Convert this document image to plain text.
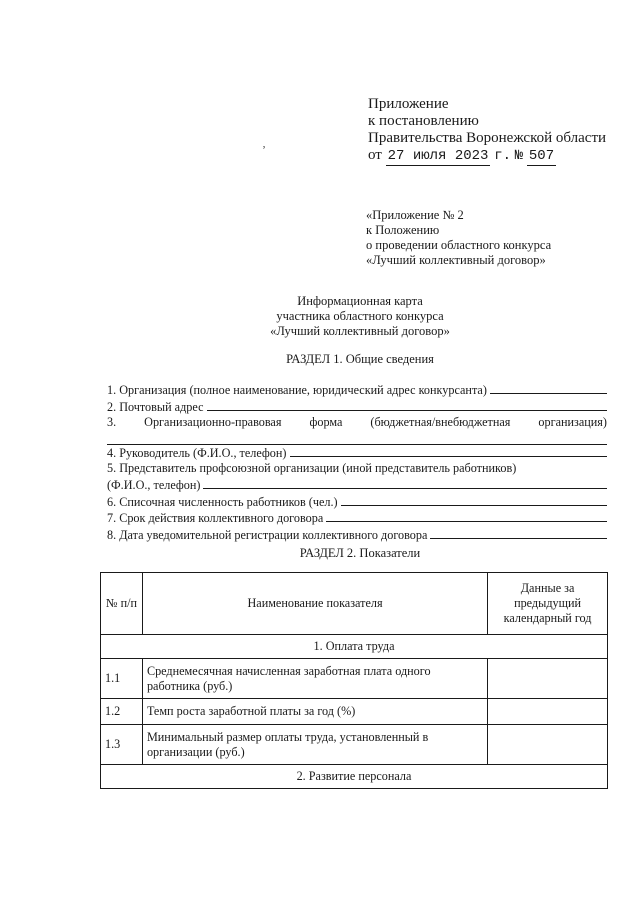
Приложение
к постановлению
Правительства Воронежской области
от 27 июля 2023 г. № 507
‚
«Приложение № 2
к Положению
о проведении областного конкурса
«Лучший коллективный договор»
Информационная карта
участника областного конкурса
«Лучший коллективный договор»
РАЗДЕЛ 1. Общие сведения
1. Организация (полное наименование, юридический адрес конкурсанта)
2. Почтовый адрес
3. Организационно-правовая форма (бюджетная/внебюджетная организация)
4. Руководитель (Ф.И.О., телефон)
5. Представитель профсоюзной организации (иной представитель работников)
(Ф.И.О., телефон)
6. Списочная численность работников (чел.)
7. Срок действия коллективного договора
8. Дата уведомительной регистрации коллективного договора
РАЗДЕЛ 2. Показатели
№ п/п	Наименование показателя	Данные за предыдущий календарный год
1. Оплата труда		
1.1	Среднемесячная начисленная заработная плата одного работника (руб.)	
1.2	Темп роста заработной платы за год (%)	
1.3	Минимальный размер оплаты труда, установленный в организации (руб.)	
2. Развитие персонала		
